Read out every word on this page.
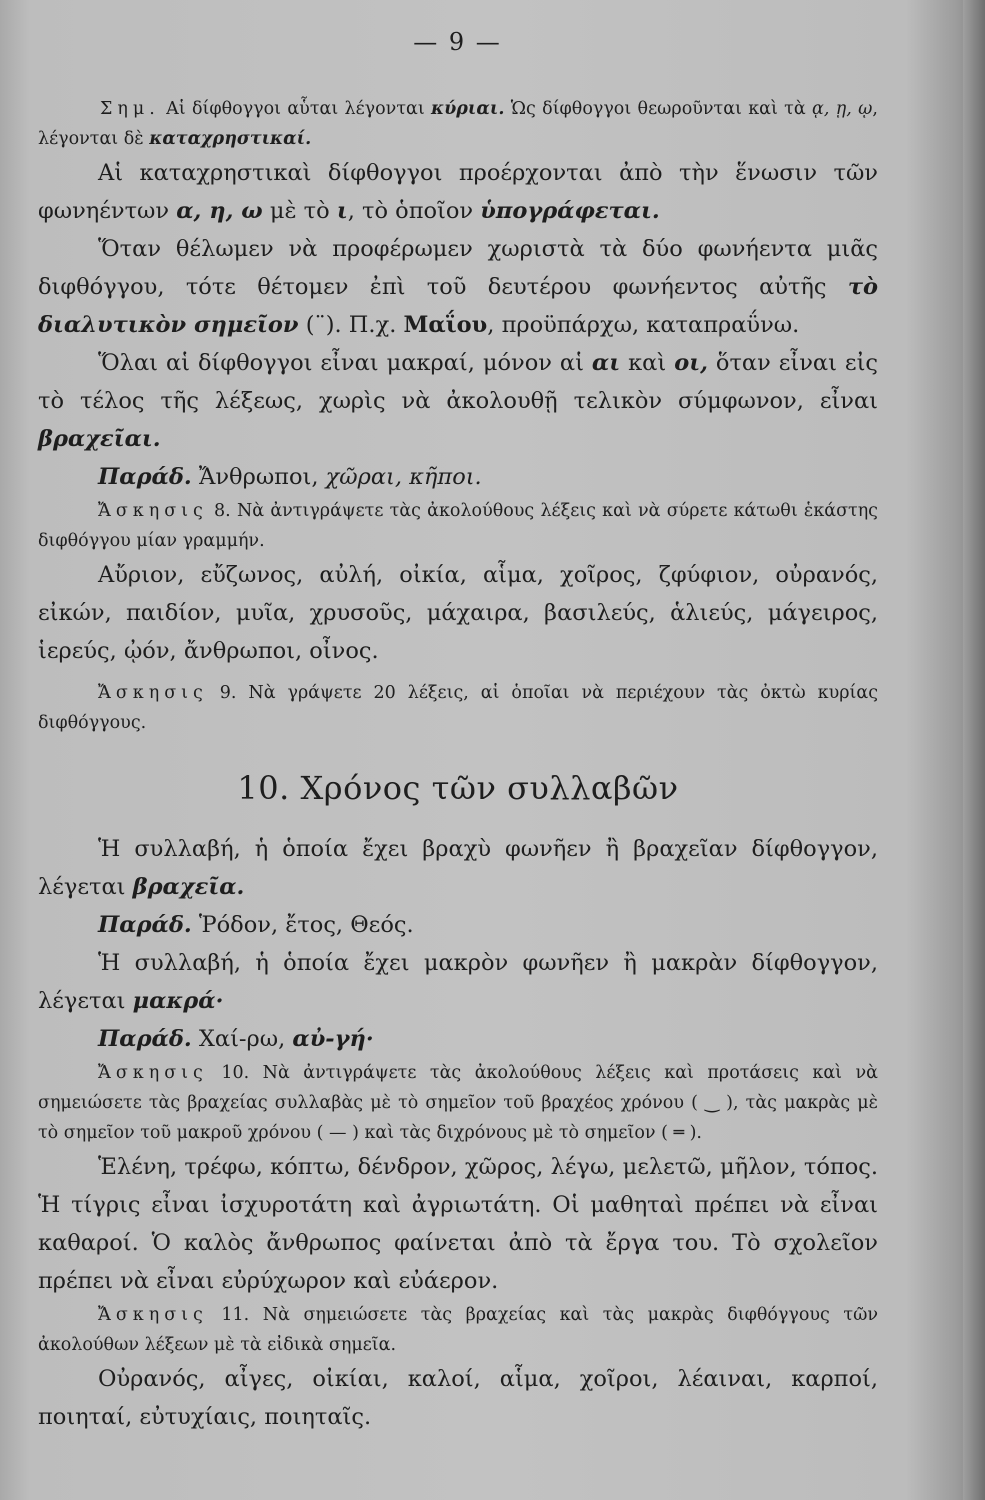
— 9 —

Σημ. Αἱ δίφθογγοι αὗται λέγονται κύριαι. Ὡς δίφθογγοι θεωροῦνται καὶ τὰ ᾳ, ῃ, ῳ, λέγονται δὲ καταχρηστικαί.

Αἱ καταχρηστικαὶ δίφθογγοι προέρχονται ἀπὸ τὴν ἕνωσιν τῶν φωνηέντων α, η, ω μὲ τὸ ι, τὸ ὁποῖον ὑπογράφεται.

Ὅταν θέλωμεν νὰ προφέρωμεν χωριστὰ τὰ δύο φωνήεντα μιᾶς διφθόγγου, τότε θέτομεν ἐπὶ τοῦ δευτέρου φωνήεντος αὐτῆς τὸ διαλυτικὸν σημεῖον (¨). Π.χ. Μαΐου, προϋπάρχω, καταπραΰνω.

Ὅλαι αἱ δίφθογγοι εἶναι μακραί, μόνον αἱ αι καὶ οι, ὅταν εἶναι εἰς τὸ τέλος τῆς λέξεως, χωρὶς νὰ ἀκολουθῇ τελικὸν σύμφωνον, εἶναι βραχεῖαι.

Παράδ. Ἄνθρωποι, χῶραι, κῆποι.

Ἄσκησις 8. Νὰ ἀντιγράψετε τὰς ἀκολούθους λέξεις καὶ νὰ σύρετε κάτωθι ἑκάστης διφθόγγου μίαν γραμμήν.

Αὔριον, εὔζωνος, αὐλή, οἰκία, αἷμα, χοῖρος, ζφύφιον, οὐρανός, εἰκών, παιδίον, μυῖα, χρυσοῦς, μάχαιρα, βασιλεύς, ἁλιεύς, μάγειρος, ἱερεύς, ᾠόν, ἄνθρωποι, οἶνος.

Ἄσκησις 9. Νὰ γράψετε 20 λέξεις, αἱ ὁποῖαι νὰ περιέχουν τὰς ὀκτὼ κυρίας διφθόγγους.

10. Χρόνος τῶν συλλαβῶν

Ἡ συλλαβή, ἡ ὁποία ἔχει βραχὺ φωνῆεν ἢ βραχεῖαν δίφθογγον, λέγεται βραχεῖα.

Παράδ. Ῥόδον, ἔτος, Θεός.

Ἡ συλλαβή, ἡ ὁποία ἔχει μακρὸν φωνῆεν ἢ μακρὰν δίφθογγον, λέγεται μακρά·

Παράδ. Χαί-ρω, αὐ-γή·

Ἄσκησις 10. Νὰ ἀντιγράψετε τὰς ἀκολούθους λέξεις καὶ προτάσεις καὶ νὰ σημειώσετε τὰς βραχείας συλλαβὰς μὲ τὸ σημεῖον τοῦ βραχέος χρόνου ( ‿ ), τὰς μακρὰς μὲ τὸ σημεῖον τοῦ μακροῦ χρόνου ( — ) καὶ τὰς διχρόνους μὲ τὸ σημεῖον ( ═ ).

Ἑλένη, τρέφω, κόπτω, δένδρον, χῶρος, λέγω, μελετῶ, μῆλον, τόπος. Ἡ τίγρις εἶναι ἰσχυροτάτη καὶ ἀγριωτάτη. Οἱ μαθηταὶ πρέπει νὰ εἶναι καθαροί. Ὁ καλὸς ἄνθρωπος φαίνεται ἀπὸ τὰ ἔργα του. Τὸ σχολεῖον πρέπει νὰ εἶναι εὐρύχωρον καὶ εὐάερον.

Ἄσκησις 11. Νὰ σημειώσετε τὰς βραχείας καὶ τὰς μακρὰς διφθόγγους τῶν ἀκολούθων λέξεων μὲ τὰ εἰδικὰ σημεῖα.

Οὐρανός, αἶγες, οἰκίαι, καλοί, αἷμα, χοῖροι, λέαιναι, καρποί, ποιηταί, εὐτυχίαις, ποιηταῖς.
